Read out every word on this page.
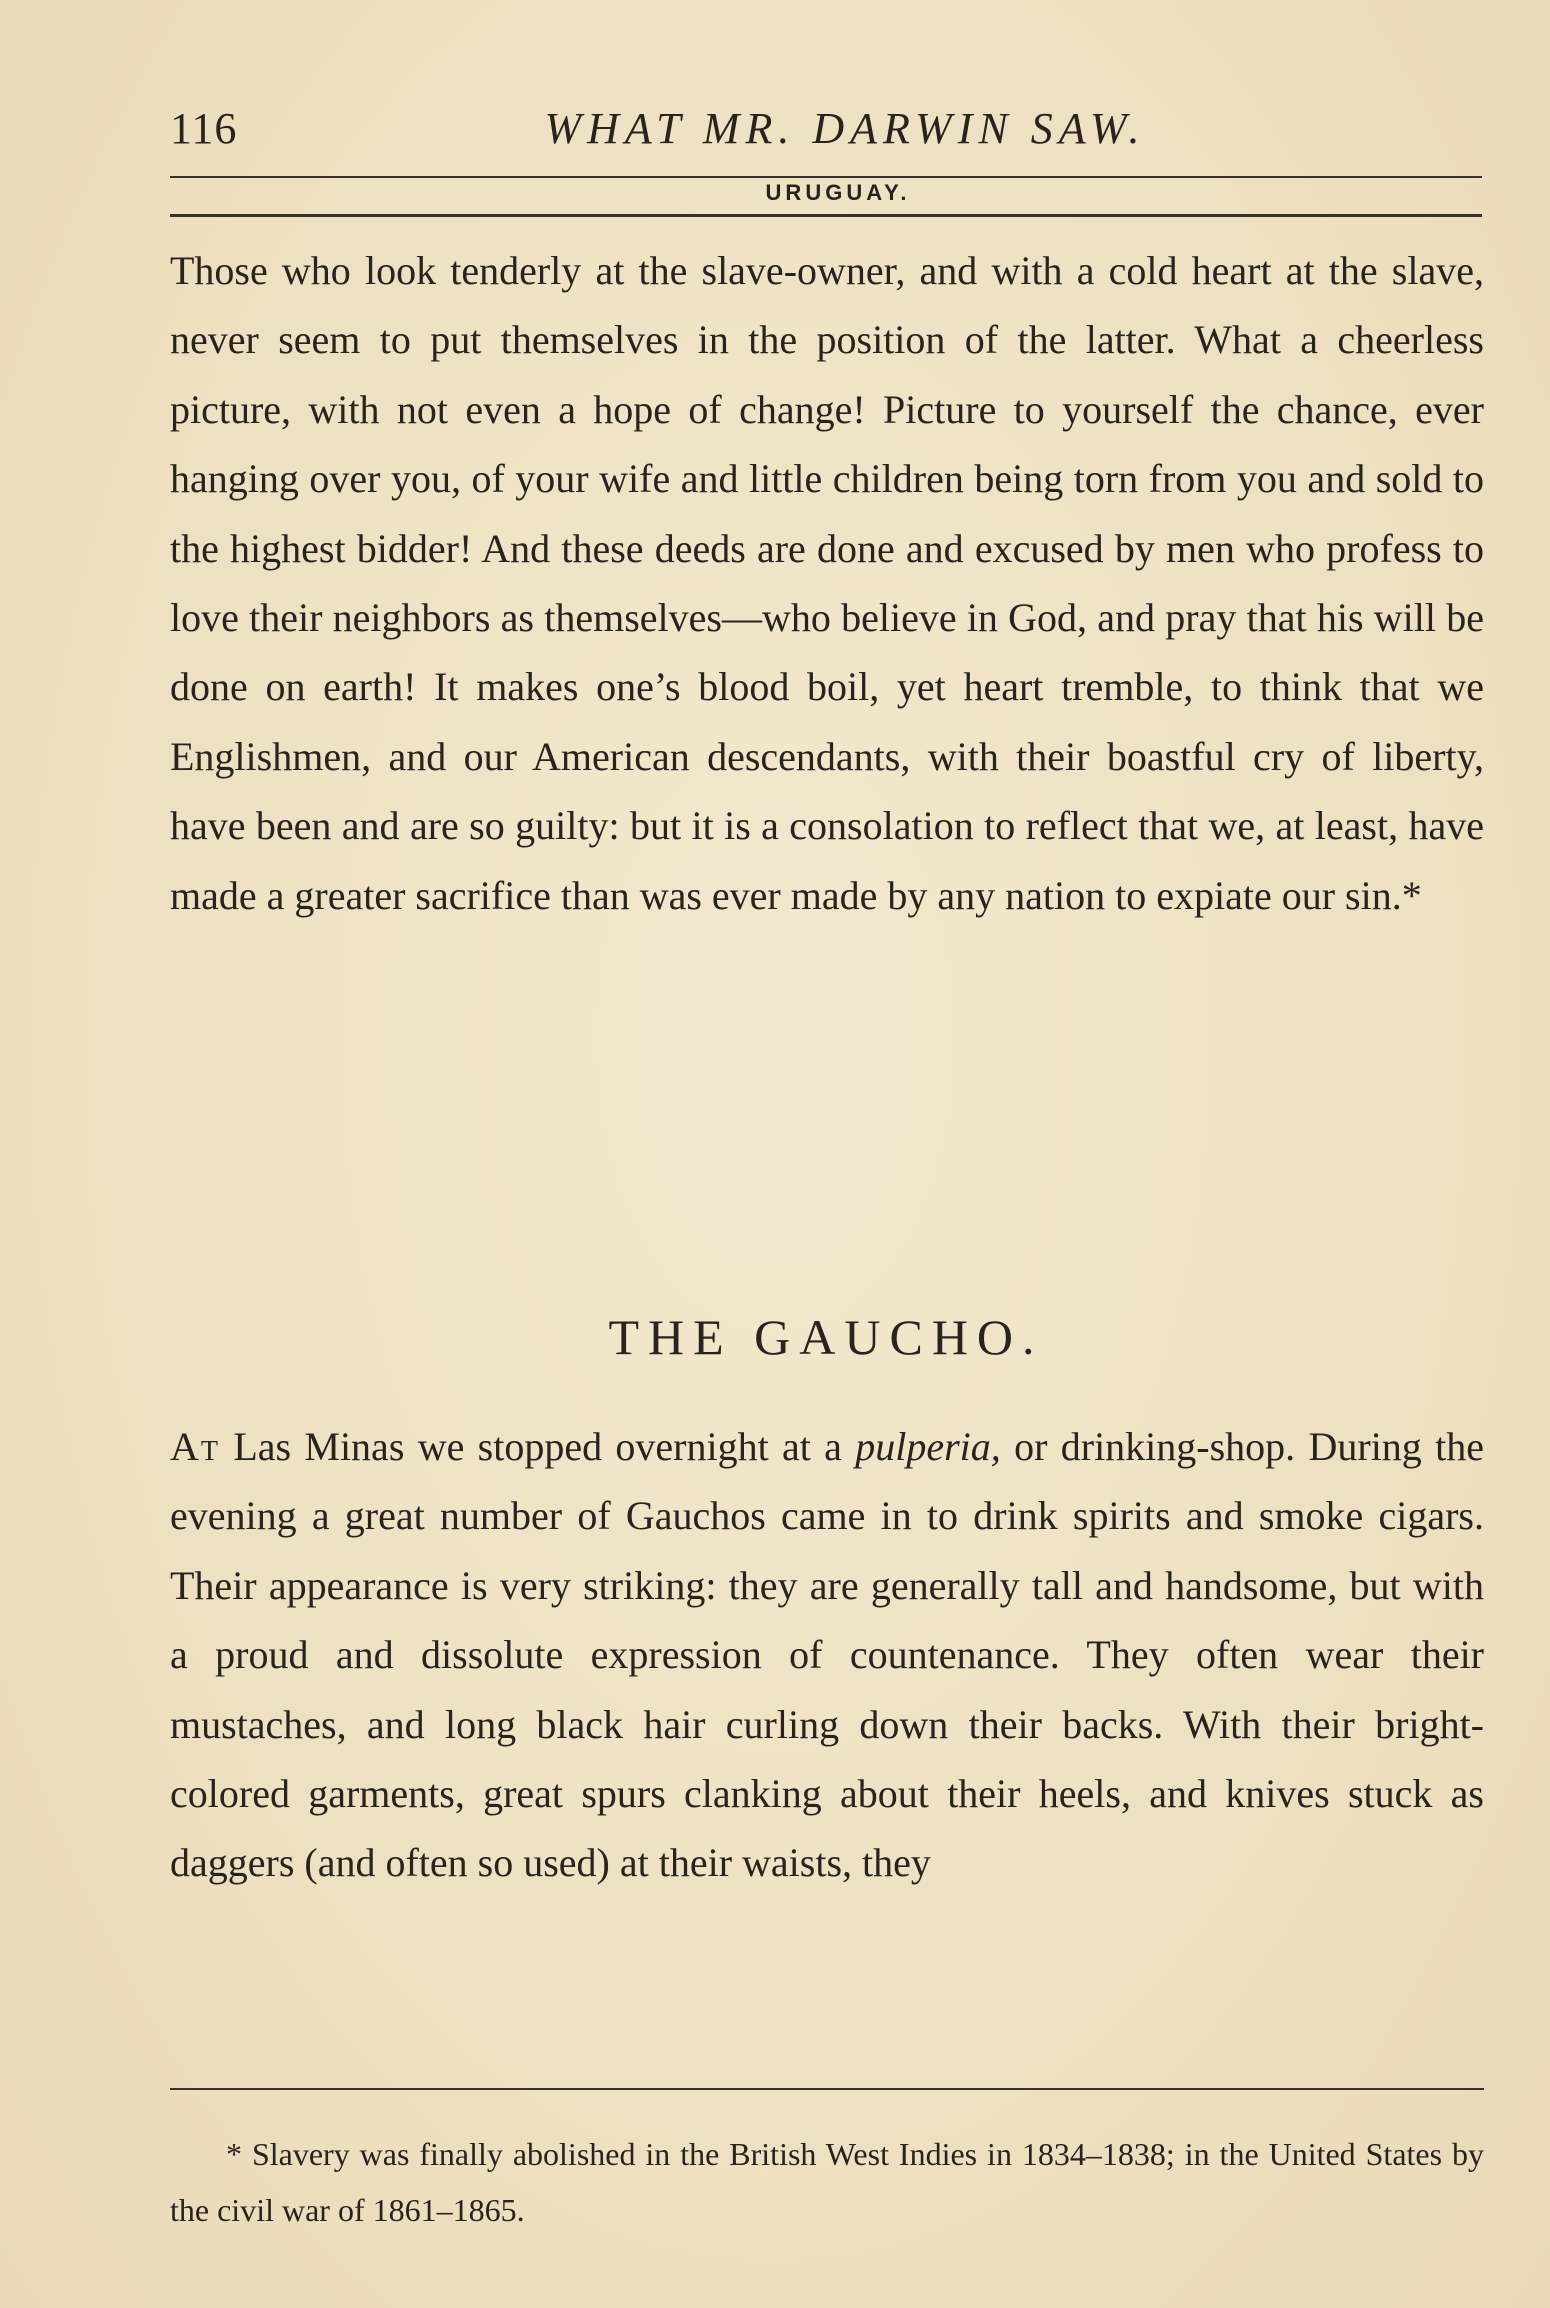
116	WHAT MR. DARWIN SAW.
URUGUAY.

Those who look tenderly at the slave-owner, and with a cold heart at the slave, never seem to put themselves in the position of the latter. What a cheerless picture, with not even a hope of change! Picture to yourself the chance, ever hanging over you, of your wife and little children being torn from you and sold to the highest bidder! And these deeds are done and excused by men who profess to love their neighbors as themselves—who believe in God, and pray that his will be done on earth! It makes one’s blood boil, yet heart tremble, to think that we Englishmen, and our American descendants, with their boastful cry of liberty, have been and are so guilty: but it is a consolation to reflect that we, at least, have made a greater sacrifice than was ever made by any nation to expiate our sin.*

THE GAUCHO.

At Las Minas we stopped overnight at a pulperia, or drinking-shop. During the evening a great number of Gauchos came in to drink spirits and smoke cigars. Their appearance is very striking: they are generally tall and handsome, but with a proud and dissolute expression of countenance. They often wear their mustaches, and long black hair curling down their backs. With their bright-colored garments, great spurs clanking about their heels, and knives stuck as daggers (and often so used) at their waists, they

* Slavery was finally abolished in the British West Indies in 1834–1838; in the United States by the civil war of 1861–1865.
